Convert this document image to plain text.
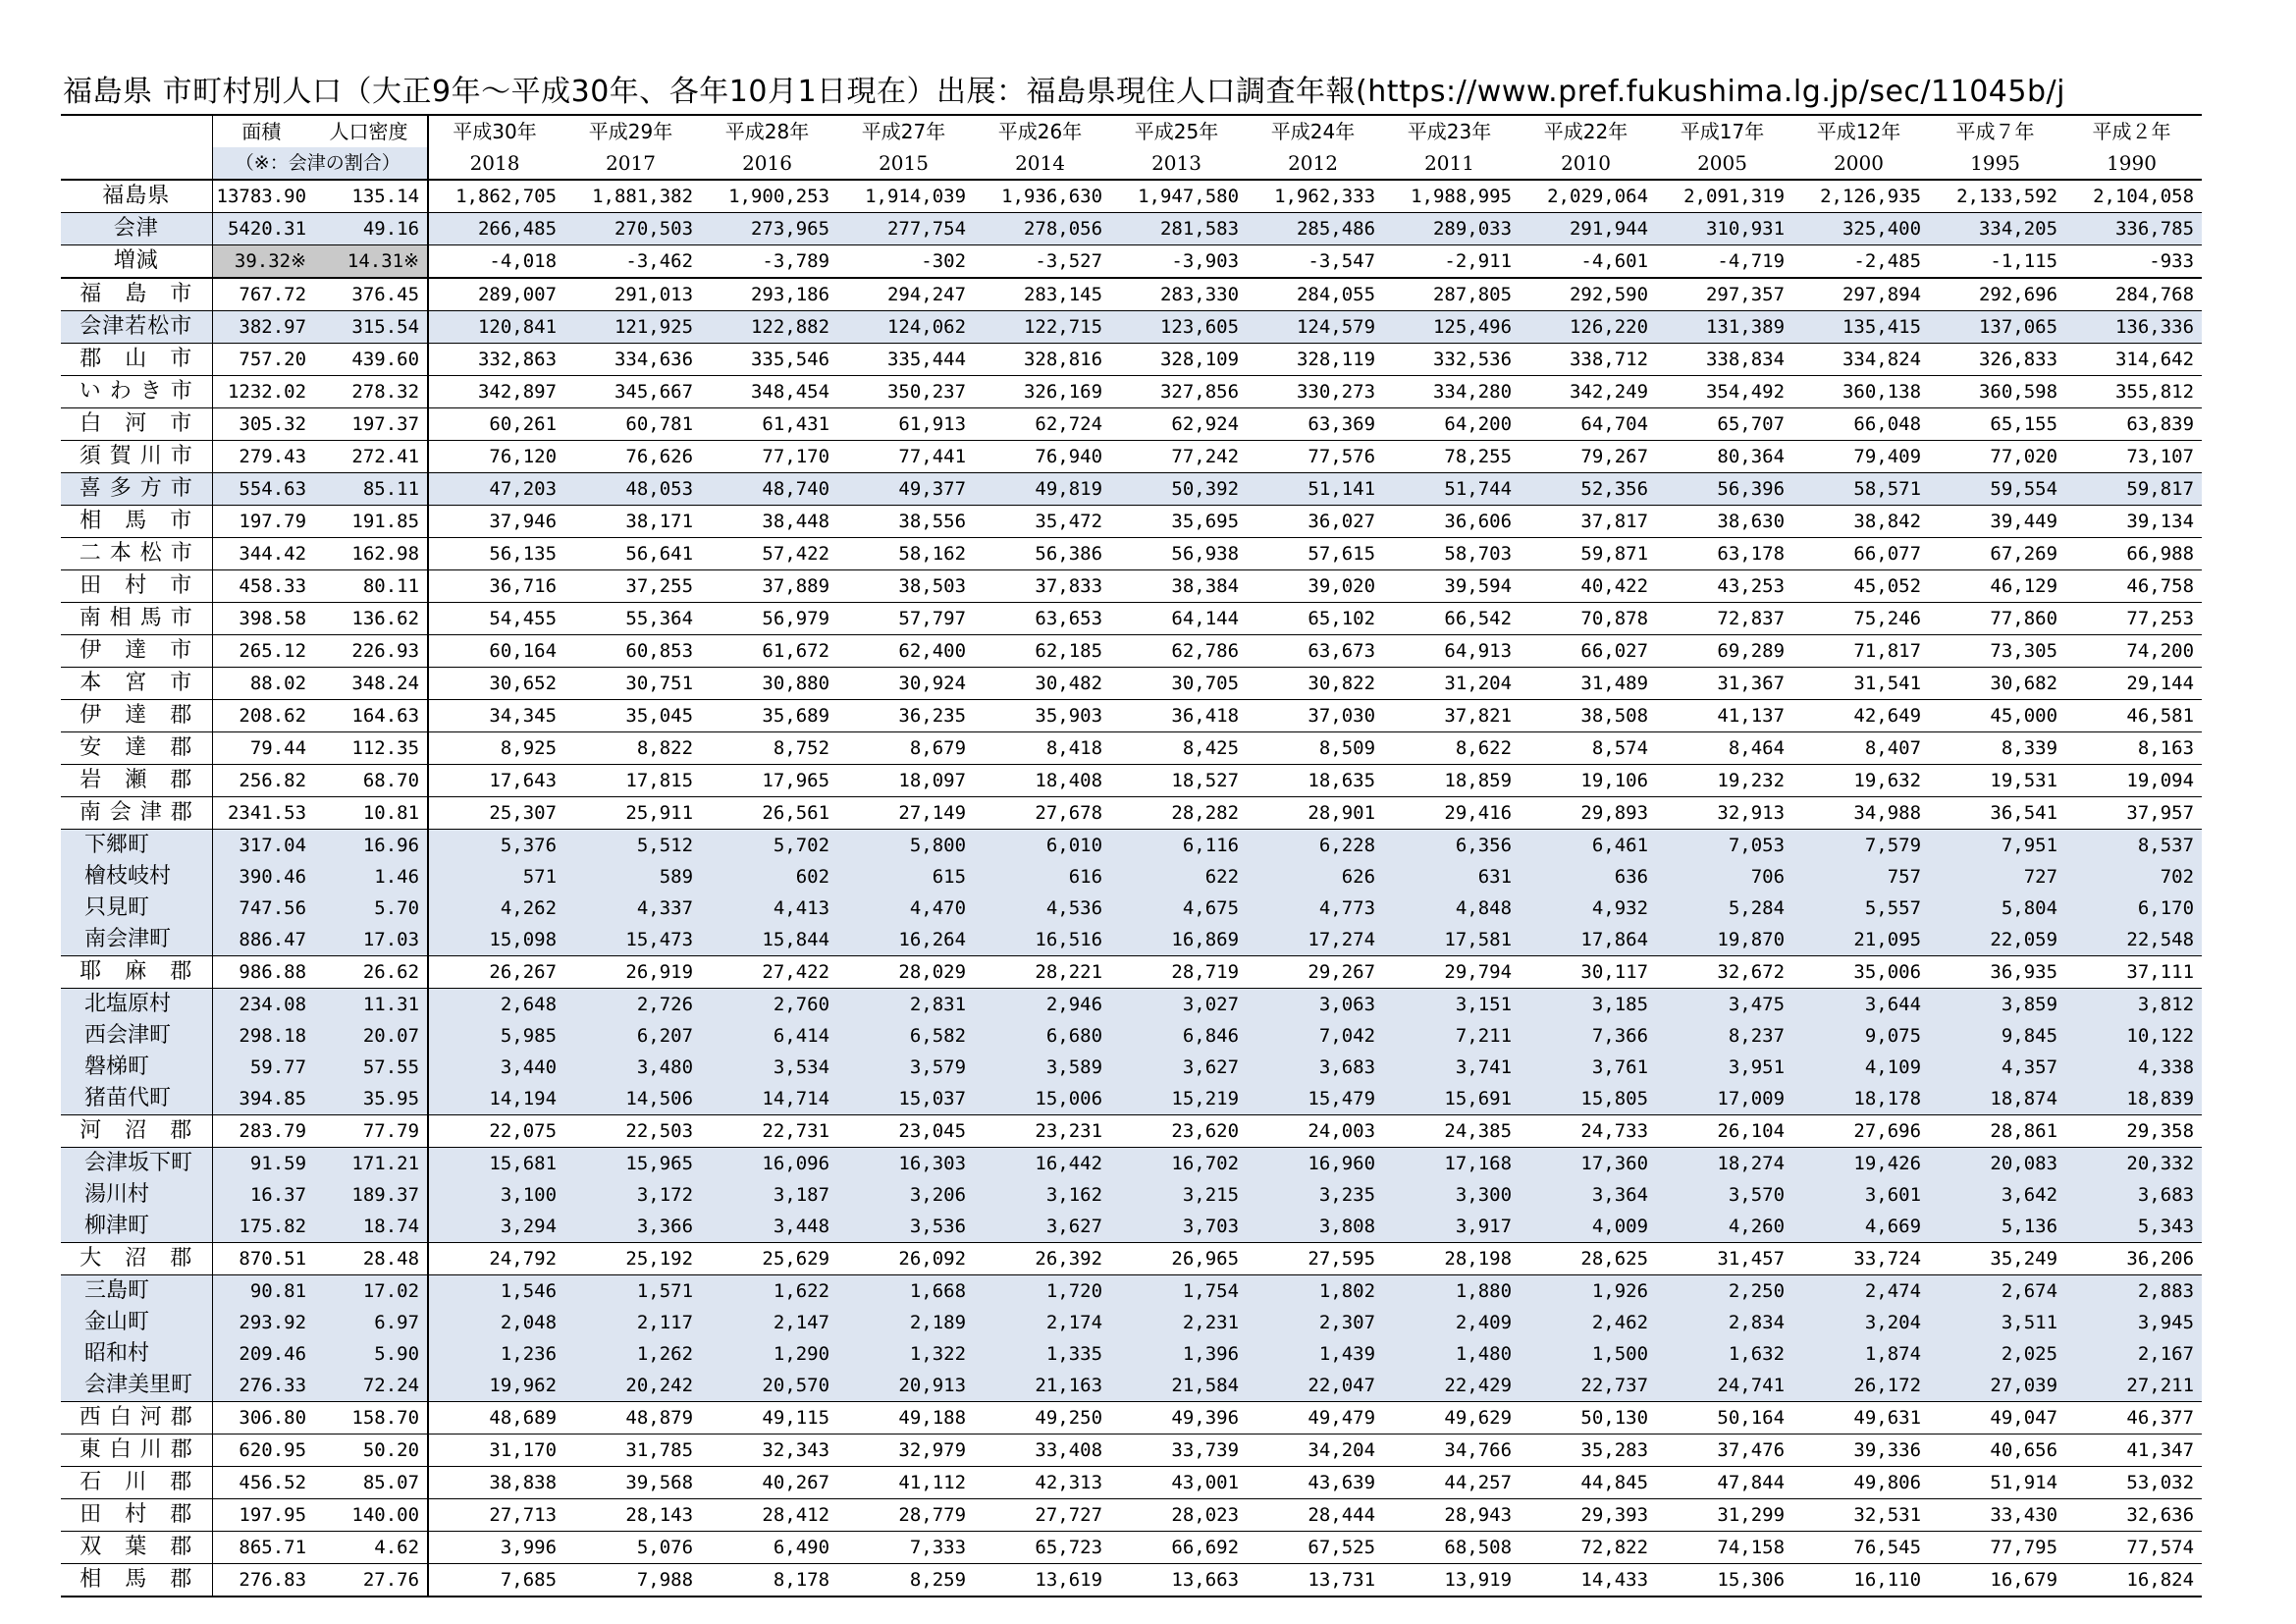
福島県 市町村別人口（大正9年～平成30年、各年10月1日現在）出展：福島県現住人口調査年報(https://www.pref.fukushima.lg.jp/sec/11045b/j
	面積	人口密度	平成30年	平成29年	平成28年	平成27年	平成26年	平成25年	平成24年	平成23年	平成22年	平成17年	平成12年	平成７年	平成２年
	（※：会津の割合）		2018	2017	2016	2015	2014	2013	2012	2011	2010	2005	2000	1995	1990
福島県	13783.90	135.14	1,862,705	1,881,382	1,900,253	1,914,039	1,936,630	1,947,580	1,962,333	1,988,995	2,029,064	2,091,319	2,126,935	2,133,592	2,104,058
会津	5420.31	49.16	266,485	270,503	273,965	277,754	278,056	281,583	285,486	289,033	291,944	310,931	325,400	334,205	336,785
増減	39.32※	14.31※	-4,018	-3,462	-3,789	-302	-3,527	-3,903	-3,547	-2,911	-4,601	-4,719	-2,485	-1,115	-933
福　島　市	767.72	376.45	289,007	291,013	293,186	294,247	283,145	283,330	284,055	287,805	292,590	297,357	297,894	292,696	284,768
会津若松市	382.97	315.54	120,841	121,925	122,882	124,062	122,715	123,605	124,579	125,496	126,220	131,389	135,415	137,065	136,336
郡　山　市	757.20	439.60	332,863	334,636	335,546	335,444	328,816	328,109	328,119	332,536	338,712	338,834	334,824	326,833	314,642
い わ き 市	1232.02	278.32	342,897	345,667	348,454	350,237	326,169	327,856	330,273	334,280	342,249	354,492	360,138	360,598	355,812
白　河　市	305.32	197.37	60,261	60,781	61,431	61,913	62,724	62,924	63,369	64,200	64,704	65,707	66,048	65,155	63,839
須 賀 川 市	279.43	272.41	76,120	76,626	77,170	77,441	76,940	77,242	77,576	78,255	79,267	80,364	79,409	77,020	73,107
喜 多 方 市	554.63	85.11	47,203	48,053	48,740	49,377	49,819	50,392	51,141	51,744	52,356	56,396	58,571	59,554	59,817
相　馬　市	197.79	191.85	37,946	38,171	38,448	38,556	35,472	35,695	36,027	36,606	37,817	38,630	38,842	39,449	39,134
二 本 松 市	344.42	162.98	56,135	56,641	57,422	58,162	56,386	56,938	57,615	58,703	59,871	63,178	66,077	67,269	66,988
田　村　市	458.33	80.11	36,716	37,255	37,889	38,503	37,833	38,384	39,020	39,594	40,422	43,253	45,052	46,129	46,758
南 相 馬 市	398.58	136.62	54,455	55,364	56,979	57,797	63,653	64,144	65,102	66,542	70,878	72,837	75,246	77,860	77,253
伊　達　市	265.12	226.93	60,164	60,853	61,672	62,400	62,185	62,786	63,673	64,913	66,027	69,289	71,817	73,305	74,200
本　宮　市	88.02	348.24	30,652	30,751	30,880	30,924	30,482	30,705	30,822	31,204	31,489	31,367	31,541	30,682	29,144
伊　達　郡	208.62	164.63	34,345	35,045	35,689	36,235	35,903	36,418	37,030	37,821	38,508	41,137	42,649	45,000	46,581
安　達　郡	79.44	112.35	8,925	8,822	8,752	8,679	8,418	8,425	8,509	8,622	8,574	8,464	8,407	8,339	8,163
岩　瀬　郡	256.82	68.70	17,643	17,815	17,965	18,097	18,408	18,527	18,635	18,859	19,106	19,232	19,632	19,531	19,094
南 会 津 郡	2341.53	10.81	25,307	25,911	26,561	27,149	27,678	28,282	28,901	29,416	29,893	32,913	34,988	36,541	37,957
下郷町	317.04	16.96	5,376	5,512	5,702	5,800	6,010	6,116	6,228	6,356	6,461	7,053	7,579	7,951	8,537
檜枝岐村	390.46	1.46	571	589	602	615	616	622	626	631	636	706	757	727	702
只見町	747.56	5.70	4,262	4,337	4,413	4,470	4,536	4,675	4,773	4,848	4,932	5,284	5,557	5,804	6,170
南会津町	886.47	17.03	15,098	15,473	15,844	16,264	16,516	16,869	17,274	17,581	17,864	19,870	21,095	22,059	22,548
耶　麻　郡	986.88	26.62	26,267	26,919	27,422	28,029	28,221	28,719	29,267	29,794	30,117	32,672	35,006	36,935	37,111
北塩原村	234.08	11.31	2,648	2,726	2,760	2,831	2,946	3,027	3,063	3,151	3,185	3,475	3,644	3,859	3,812
西会津町	298.18	20.07	5,985	6,207	6,414	6,582	6,680	6,846	7,042	7,211	7,366	8,237	9,075	9,845	10,122
磐梯町	59.77	57.55	3,440	3,480	3,534	3,579	3,589	3,627	3,683	3,741	3,761	3,951	4,109	4,357	4,338
猪苗代町	394.85	35.95	14,194	14,506	14,714	15,037	15,006	15,219	15,479	15,691	15,805	17,009	18,178	18,874	18,839
河　沼　郡	283.79	77.79	22,075	22,503	22,731	23,045	23,231	23,620	24,003	24,385	24,733	26,104	27,696	28,861	29,358
会津坂下町	91.59	171.21	15,681	15,965	16,096	16,303	16,442	16,702	16,960	17,168	17,360	18,274	19,426	20,083	20,332
湯川村	16.37	189.37	3,100	3,172	3,187	3,206	3,162	3,215	3,235	3,300	3,364	3,570	3,601	3,642	3,683
柳津町	175.82	18.74	3,294	3,366	3,448	3,536	3,627	3,703	3,808	3,917	4,009	4,260	4,669	5,136	5,343
大　沼　郡	870.51	28.48	24,792	25,192	25,629	26,092	26,392	26,965	27,595	28,198	28,625	31,457	33,724	35,249	36,206
三島町	90.81	17.02	1,546	1,571	1,622	1,668	1,720	1,754	1,802	1,880	1,926	2,250	2,474	2,674	2,883
金山町	293.92	6.97	2,048	2,117	2,147	2,189	2,174	2,231	2,307	2,409	2,462	2,834	3,204	3,511	3,945
昭和村	209.46	5.90	1,236	1,262	1,290	1,322	1,335	1,396	1,439	1,480	1,500	1,632	1,874	2,025	2,167
会津美里町	276.33	72.24	19,962	20,242	20,570	20,913	21,163	21,584	22,047	22,429	22,737	24,741	26,172	27,039	27,211
西 白 河 郡	306.80	158.70	48,689	48,879	49,115	49,188	49,250	49,396	49,479	49,629	50,130	50,164	49,631	49,047	46,377
東 白 川 郡	620.95	50.20	31,170	31,785	32,343	32,979	33,408	33,739	34,204	34,766	35,283	37,476	39,336	40,656	41,347
石　川　郡	456.52	85.07	38,838	39,568	40,267	41,112	42,313	43,001	43,639	44,257	44,845	47,844	49,806	51,914	53,032
田　村　郡	197.95	140.00	27,713	28,143	28,412	28,779	27,727	28,023	28,444	28,943	29,393	31,299	32,531	33,430	32,636
双　葉　郡	865.71	4.62	3,996	5,076	6,490	7,333	65,723	66,692	67,525	68,508	72,822	74,158	76,545	77,795	77,574
相　馬　郡	276.83	27.76	7,685	7,988	8,178	8,259	13,619	13,663	13,731	13,919	14,433	15,306	16,110	16,679	16,824
